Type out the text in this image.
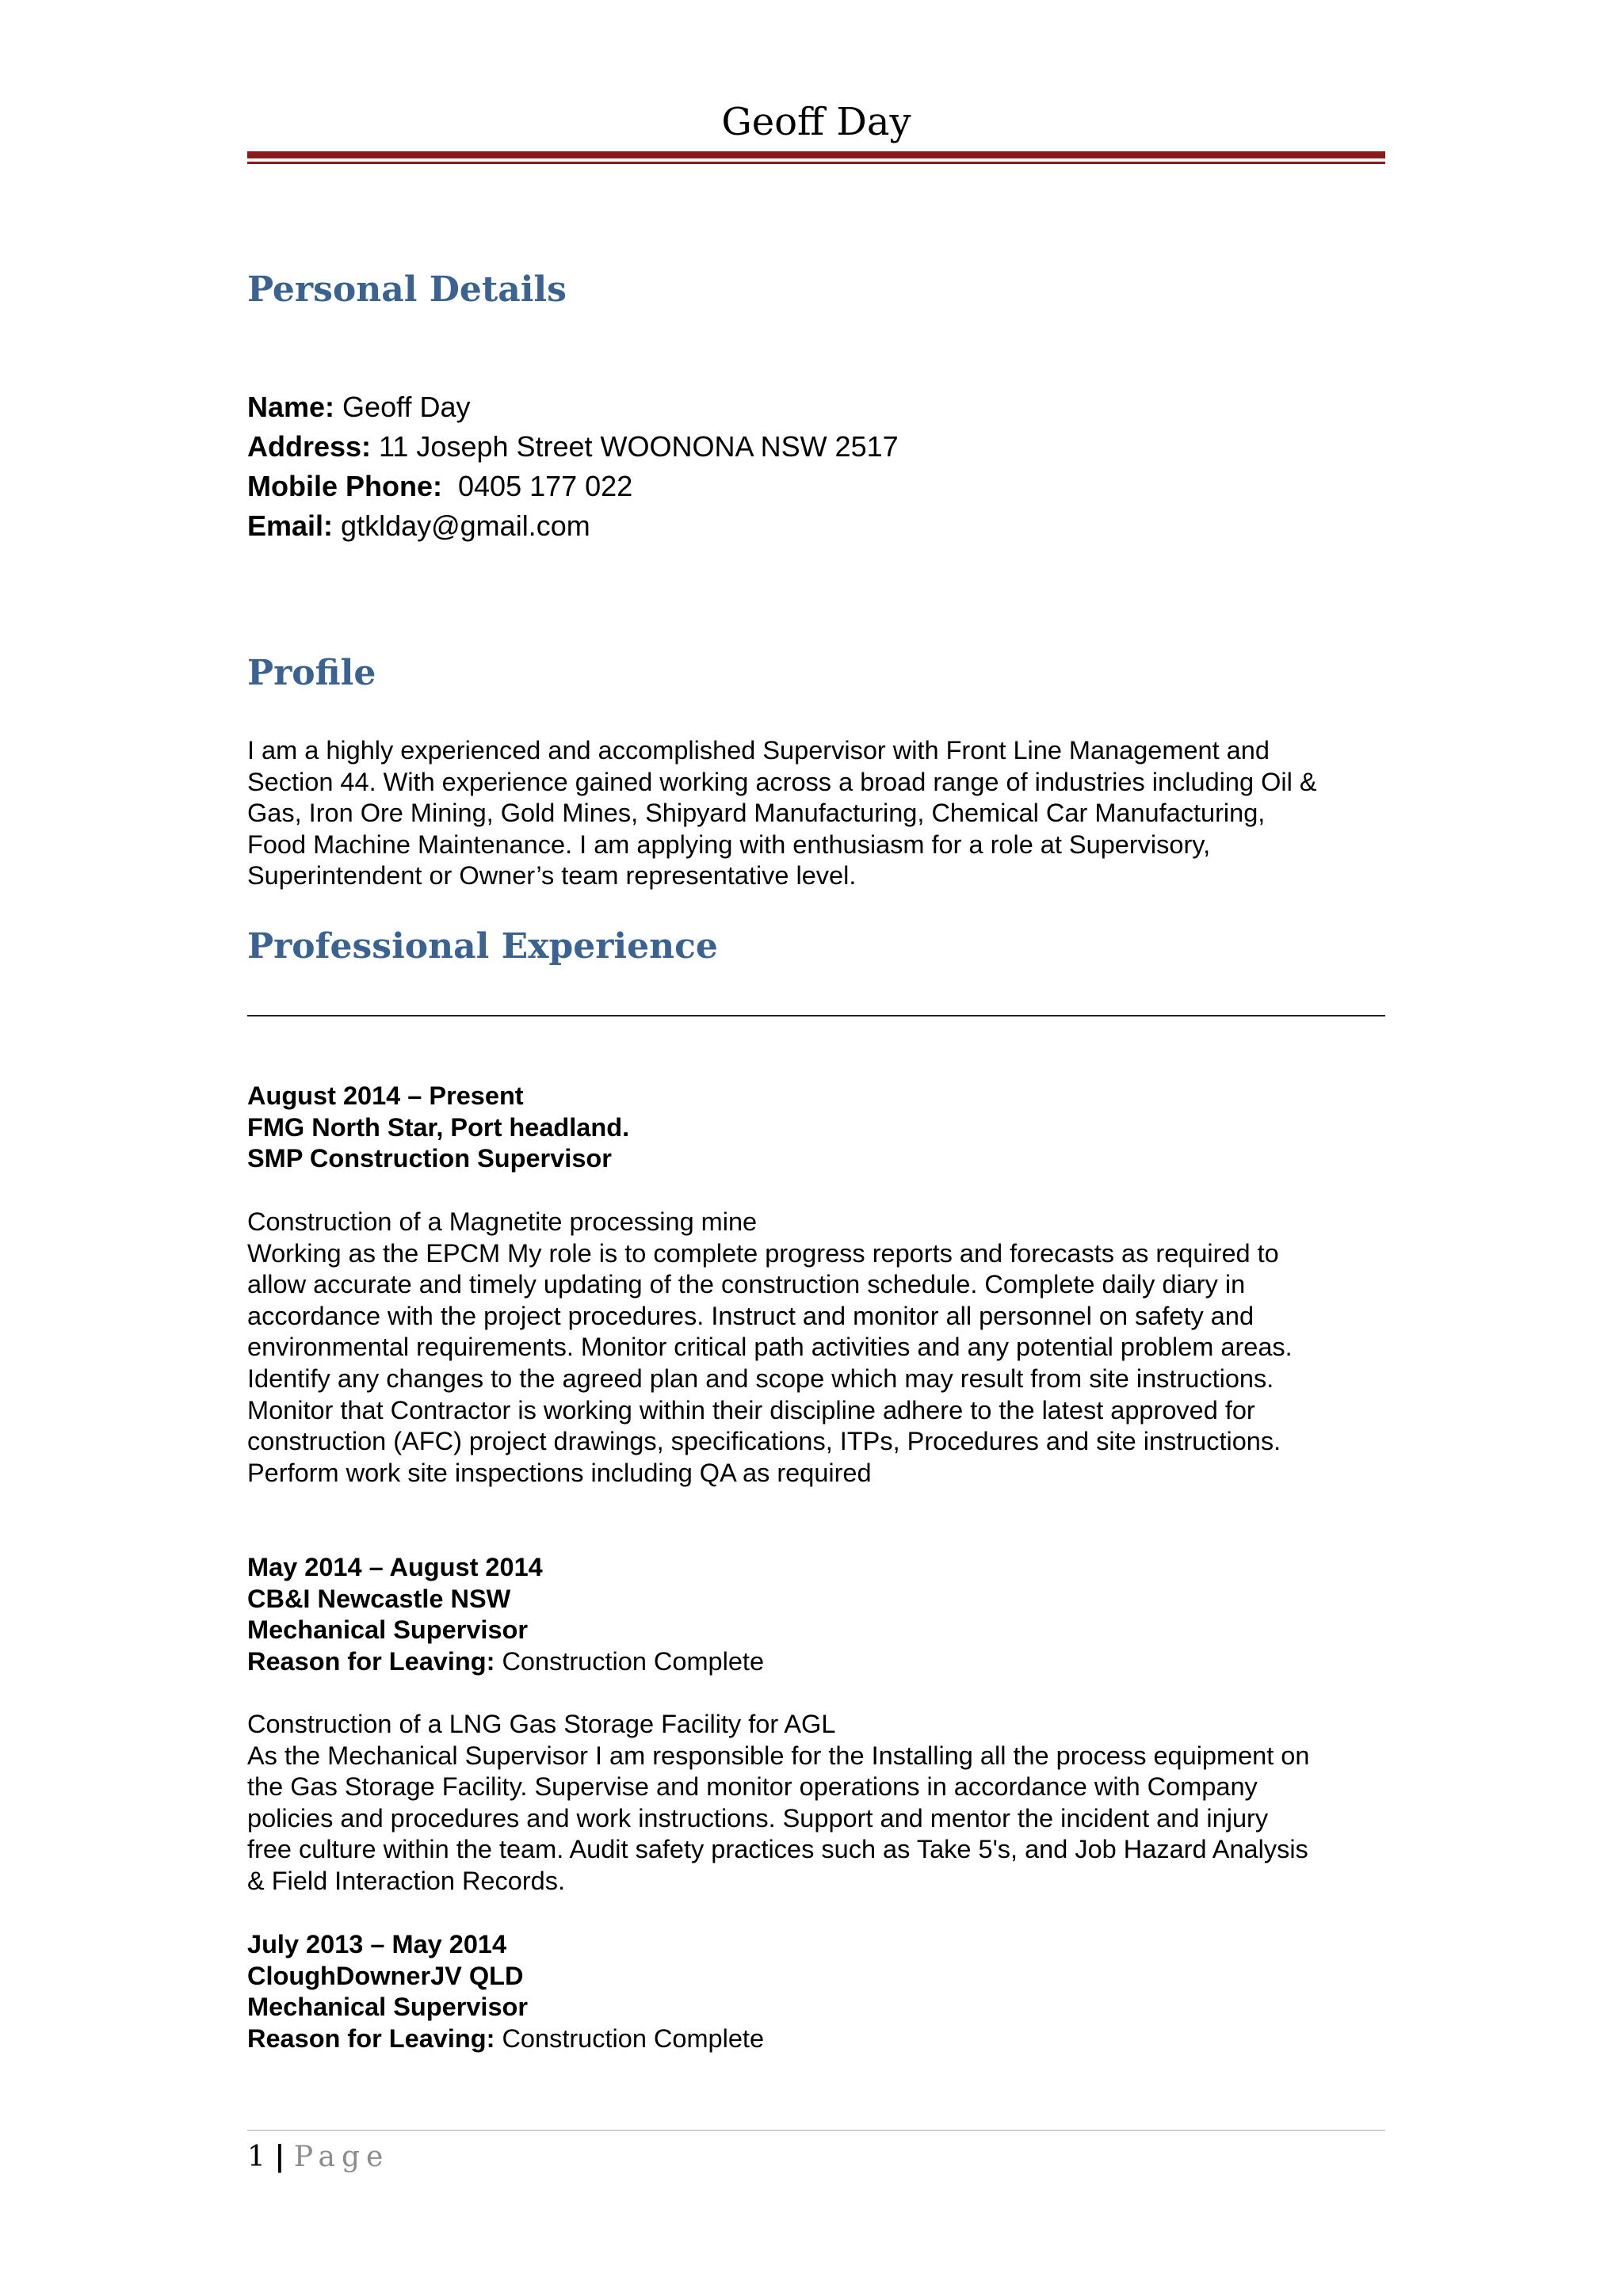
Geoff Day
Personal Details
Name: Geoff Day
Address: 11 Joseph Street WOONONA NSW 2517
Mobile Phone:  0405 177 022
Email: gtklday@gmail.com
Profile
I am a highly experienced and accomplished Supervisor with Front Line Management and
Section 44. With experience gained working across a broad range of industries including Oil &
Gas, Iron Ore Mining, Gold Mines, Shipyard Manufacturing, Chemical Car Manufacturing,
Food Machine Maintenance. I am applying with enthusiasm for a role at Supervisory,
Superintendent or Owner’s team representative level.
Professional Experience
August 2014 – Present
FMG North Star, Port headland.
SMP Construction Supervisor
Construction of a Magnetite processing mine
Working as the EPCM My role is to complete progress reports and forecasts as required to
allow accurate and timely updating of the construction schedule. Complete daily diary in
accordance with the project procedures. Instruct and monitor all personnel on safety and
environmental requirements. Monitor critical path activities and any potential problem areas.
Identify any changes to the agreed plan and scope which may result from site instructions.
Monitor that Contractor is working within their discipline adhere to the latest approved for
construction (AFC) project drawings, specifications, ITPs, Procedures and site instructions.
Perform work site inspections including QA as required
May 2014 – August 2014
CB&I Newcastle NSW
Mechanical Supervisor
Reason for Leaving: Construction Complete
Construction of a LNG Gas Storage Facility for AGL
As the Mechanical Supervisor I am responsible for the Installing all the process equipment on
the Gas Storage Facility. Supervise and monitor operations in accordance with Company
policies and procedures and work instructions. Support and mentor the incident and injury
free culture within the team. Audit safety practices such as Take 5's, and Job Hazard Analysis
& Field Interaction Records.
July 2013 – May 2014
CloughDownerJV QLD
Mechanical Supervisor
Reason for Leaving: Construction Complete
1 | Page
